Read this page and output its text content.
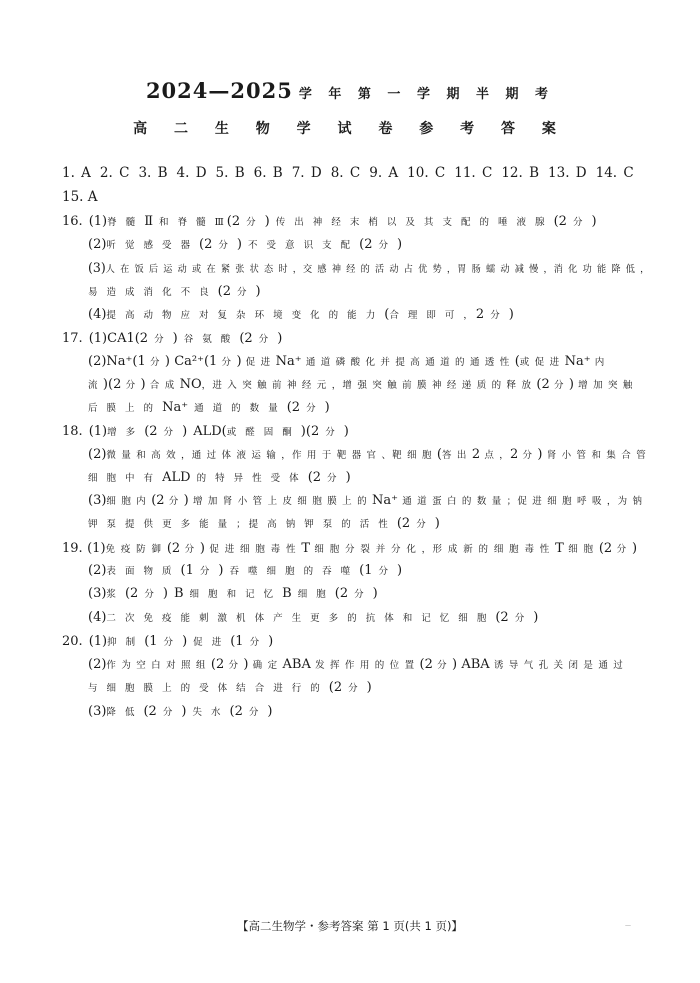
2024—2025 学 年 第 一 学 期 半 期 考
高 二 生 物 学 试 卷 参 考 答 案
1. A 2. C 3. B 4. D 5. B 6. B 7. D 8. C 9. A 10. C 11. C 12. B 13. D 14. C
15. A
16. (1)脊 髓 Ⅱ 和 脊 髓 Ⅲ(2 分 ) 传 出 神 经 末 梢 以 及 其 支 配 的 唾 液 腺 (2 分 )
(2)听 觉 感 受 器 (2 分 ) 不 受 意 识 支 配 (2 分 )
(3)人 在 饭 后 运 动 或 在 紧 张 状 态 时 ，交 感 神 经 的 活 动 占 优 势 ，胃 肠 蠕 动 减 慢 ，消 化 功 能 降 低 ，
易 造 成 消 化 不 良 (2 分 )
(4)提 高 动 物 应 对 复 杂 环 境 变 化 的 能 力 (合 理 即 可 ，2 分 )
17. (1)CA1(2 分 ) 谷 氨 酸 (2 分 )
(2)Na⁺(1 分 ) Ca²⁺(1 分 ) 促 进 Na⁺ 通 道 磷 酸 化 并 提 高 通 道 的 通 透 性 (或 促 进 Na⁺ 内
流 )(2 分 ) 合 成 NO，进 入 突 触 前 神 经 元 ，增 强 突 触 前 膜 神 经 递 质 的 释 放 (2 分 ) 增 加 突 触
后 膜 上 的 Na⁺ 通 道 的 数 量 (2 分 )
18. (1)增 多 (2 分 ) ALD(或 醛 固 酮 )(2 分 )
(2)微 量 和 高 效 ，通 过 体 液 运 输 ，作 用 于 靶 器 官 、靶 细 胞 (答 出 2 点 ，2 分 ) 肾 小 管 和 集 合 管
细 胞 中 有 ALD 的 特 异 性 受 体 (2 分 )
(3)细 胞 内 (2 分 ) 增 加 肾 小 管 上 皮 细 胞 膜 上 的 Na⁺ 通 道 蛋 白 的 数 量 ；促 进 细 胞 呼 吸 ，为 钠
钾 泵 提 供 更 多 能 量 ；提 高 钠 钾 泵 的 活 性 (2 分 )
19. (1)免 疫 防 御 (2 分 ) 促 进 细 胞 毒 性 T 细 胞 分 裂 并 分 化 ，形 成 新 的 细 胞 毒 性 T 细 胞 (2 分 )
(2)表 面 物 质 (1 分 ) 吞 噬 细 胞 的 吞 噬 (1 分 )
(3)浆 (2 分 ) B 细 胞 和 记 忆 B 细 胞 (2 分 )
(4)二 次 免 疫 能 刺 激 机 体 产 生 更 多 的 抗 体 和 记 忆 细 胞 (2 分 )
20. (1)抑 制 (1 分 ) 促 进 (1 分 )
(2)作 为 空 白 对 照 组 (2 分 ) 确 定 ABA 发 挥 作 用 的 位 置 (2 分 ) ABA 诱 导 气 孔 关 闭 是 通 过
与 细 胞 膜 上 的 受 体 结 合 进 行 的 (2 分 )
(3)降 低 (2 分 ) 失 水 (2 分 )
【高二生物学・参考答案 第 1 页(共 1 页)】	—
